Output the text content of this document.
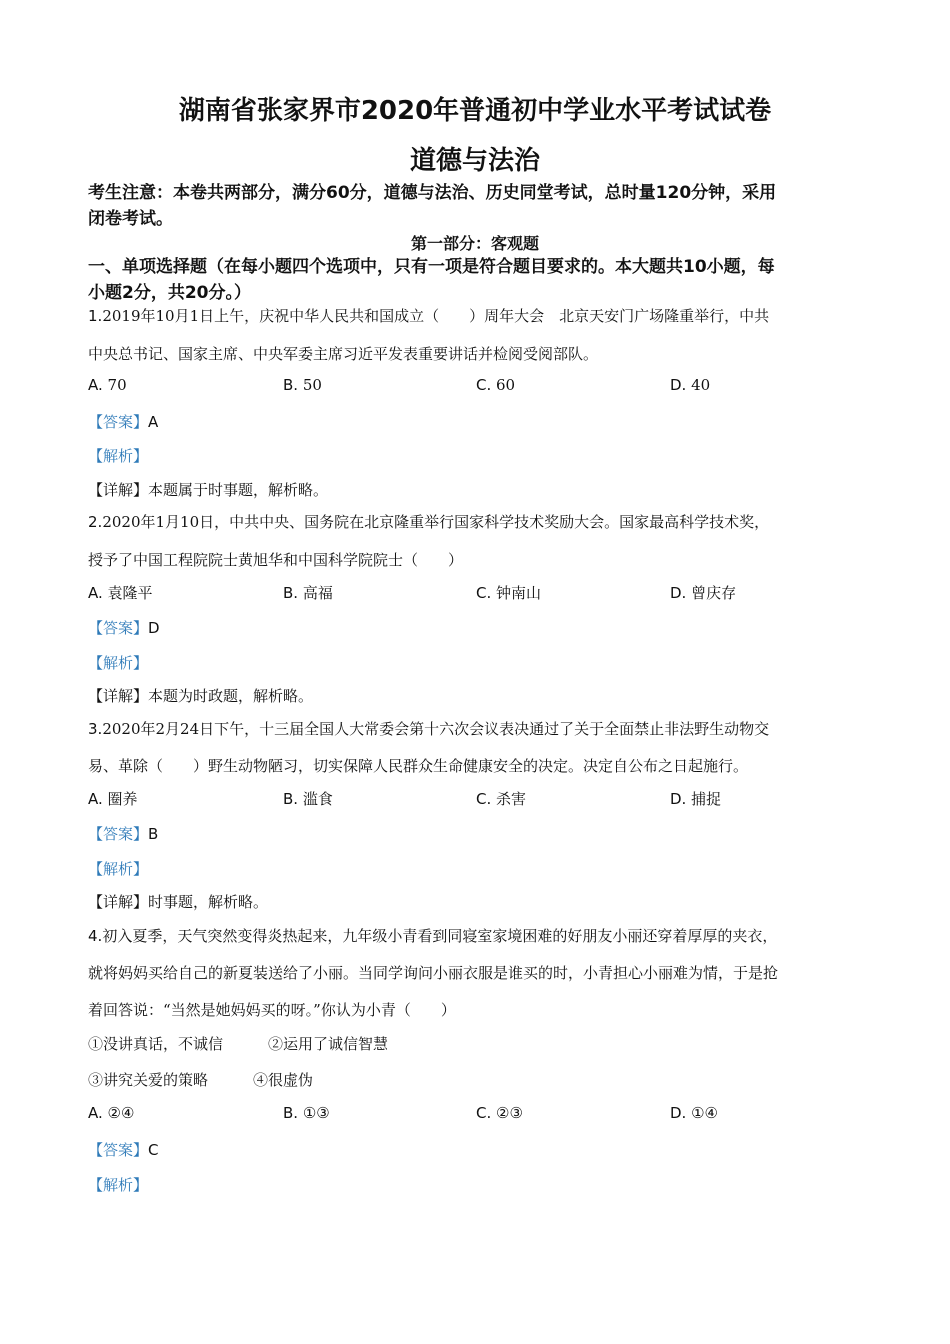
湖南省张家界市2020年普通初中学业水平考试试卷
道德与法治
考生注意：本卷共两部分，满分60分，道德与法治、历史同堂考试，总时量120分钟，采用
闭卷考试。
第一部分：客观题
一、单项选择题（在每小题四个选项中，只有一项是符合题目要求的。本大题共10小题，每
小题2分，共20分。）
1.2019年10月1日上午，庆祝中华人民共和国成立（　　）周年大会　北京天安门广场隆重举行，中共
中央总书记、国家主席、中央军委主席习近平发表重要讲话并检阅受阅部队。
A. 70	B. 50	C. 60	D. 40
【答案】A
【解析】
【详解】本题属于时事题，解析略。
2.2020年1月10日，中共中央、国务院在北京隆重举行国家科学技术奖励大会。国家最高科学技术奖，
授予了中国工程院院士黄旭华和中国科学院院士（　　）
A. 袁隆平	B. 高福	C. 钟南山	D. 曾庆存
【答案】D
【解析】
【详解】本题为时政题，解析略。
3.2020年2月24日下午，十三届全国人大常委会第十六次会议表决通过了关于全面禁止非法野生动物交
易、革除（　　）野生动物陋习，切实保障人民群众生命健康安全的决定。决定自公布之日起施行。
A. 圈养	B. 滥食	C. 杀害	D. 捕捉
【答案】B
【解析】
【详解】时事题，解析略。
4.初入夏季，天气突然变得炎热起来，九年级小青看到同寝室家境困难的好朋友小丽还穿着厚厚的夹衣，
就将妈妈买给自己的新夏装送给了小丽。当同学询问小丽衣服是谁买的时，小青担心小丽难为情，于是抢
着回答说：“当然是她妈妈买的呀。”你认为小青（　　）
①没讲真话，不诚信　　　②运用了诚信智慧
③讲究关爱的策略　　　④很虚伪
A. ②④	B. ①③	C. ②③	D. ①④
【答案】C
【解析】
